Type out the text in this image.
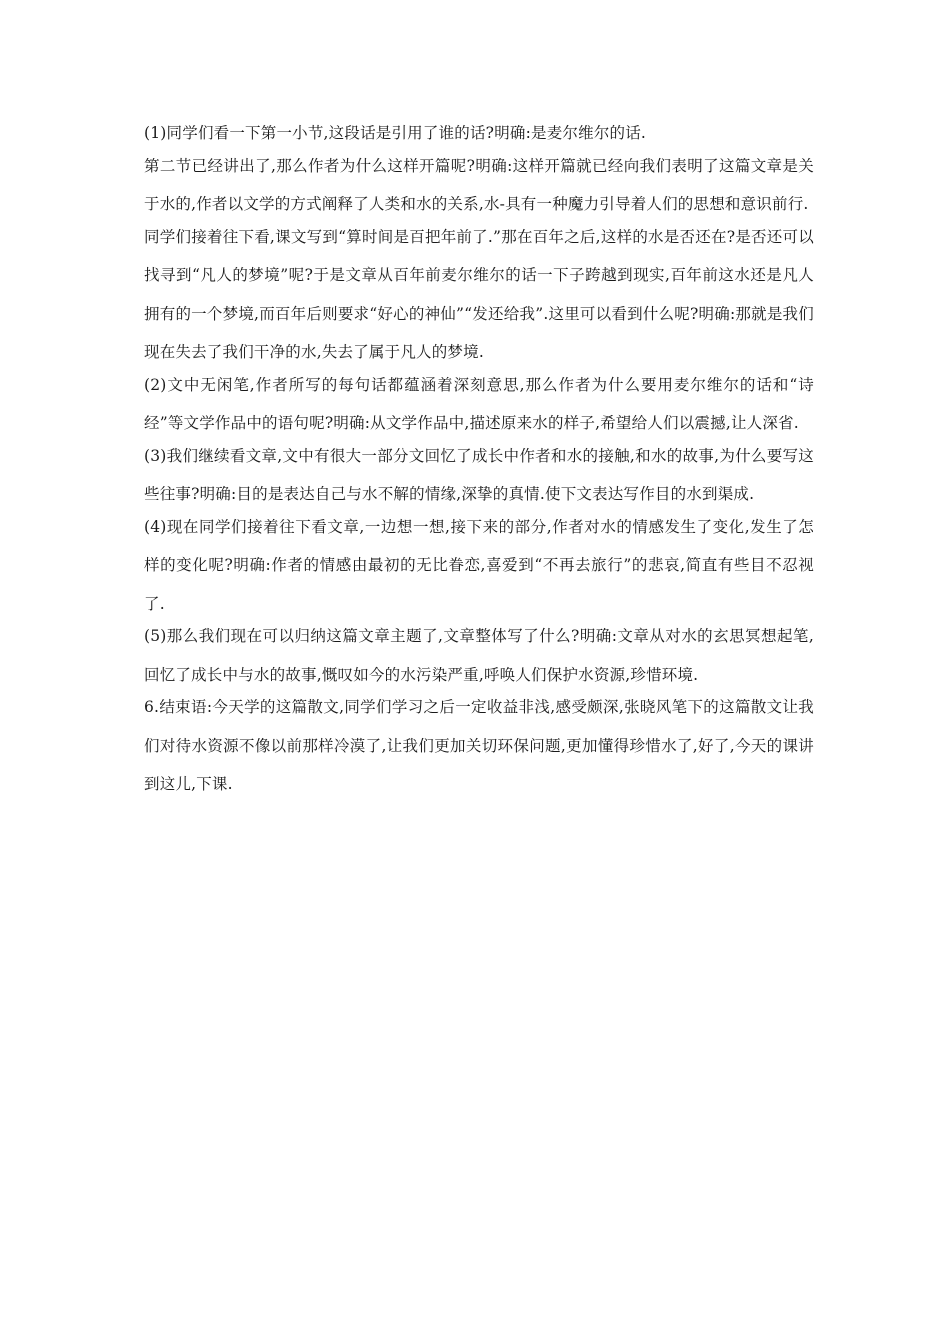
(1)同学们看一下第一小节,这段话是引用了谁的话?明确:是麦尔维尔的话.

第二节已经讲出了,那么作者为什么这样开篇呢?明确:这样开篇就已经向我们表明了这篇文章是关于水的,作者以文学的方式阐释了人类和水的关系,水-具有一种魔力引导着人们的思想和意识前行.

同学们接着往下看,课文写到“算时间是百把年前了.”那在百年之后,这样的水是否还在?是否还可以找寻到“凡人的梦境”呢?于是文章从百年前麦尔维尔的话一下子跨越到现实,百年前这水还是凡人拥有的一个梦境,而百年后则要求“好心的神仙”“发还给我”.这里可以看到什么呢?明确:那就是我们现在失去了我们干净的水,失去了属于凡人的梦境.

(2)文中无闲笔,作者所写的每句话都蕴涵着深刻意思,那么作者为什么要用麦尔维尔的话和“诗经”等文学作品中的语句呢?明确:从文学作品中,描述原来水的样子,希望给人们以震撼,让人深省.

(3)我们继续看文章,文中有很大一部分文回忆了成长中作者和水的接触,和水的故事,为什么要写这些往事?明确:目的是表达自己与水不解的情缘,深挚的真情.使下文表达写作目的水到渠成.

(4)现在同学们接着往下看文章,一边想一想,接下来的部分,作者对水的情感发生了变化,发生了怎样的变化呢?明确:作者的情感由最初的无比眷恋,喜爱到“不再去旅行”的悲哀,简直有些目不忍视了.

(5)那么我们现在可以归纳这篇文章主题了,文章整体写了什么?明确:文章从对水的玄思冥想起笔,回忆了成长中与水的故事,慨叹如今的水污染严重,呼唤人们保护水资源,珍惜环境.

6.结束语:今天学的这篇散文,同学们学习之后一定收益非浅,感受颇深,张晓风笔下的这篇散文让我们对待水资源不像以前那样冷漠了,让我们更加关切环保问题,更加懂得珍惜水了,好了,今天的课讲到这儿,下课.
